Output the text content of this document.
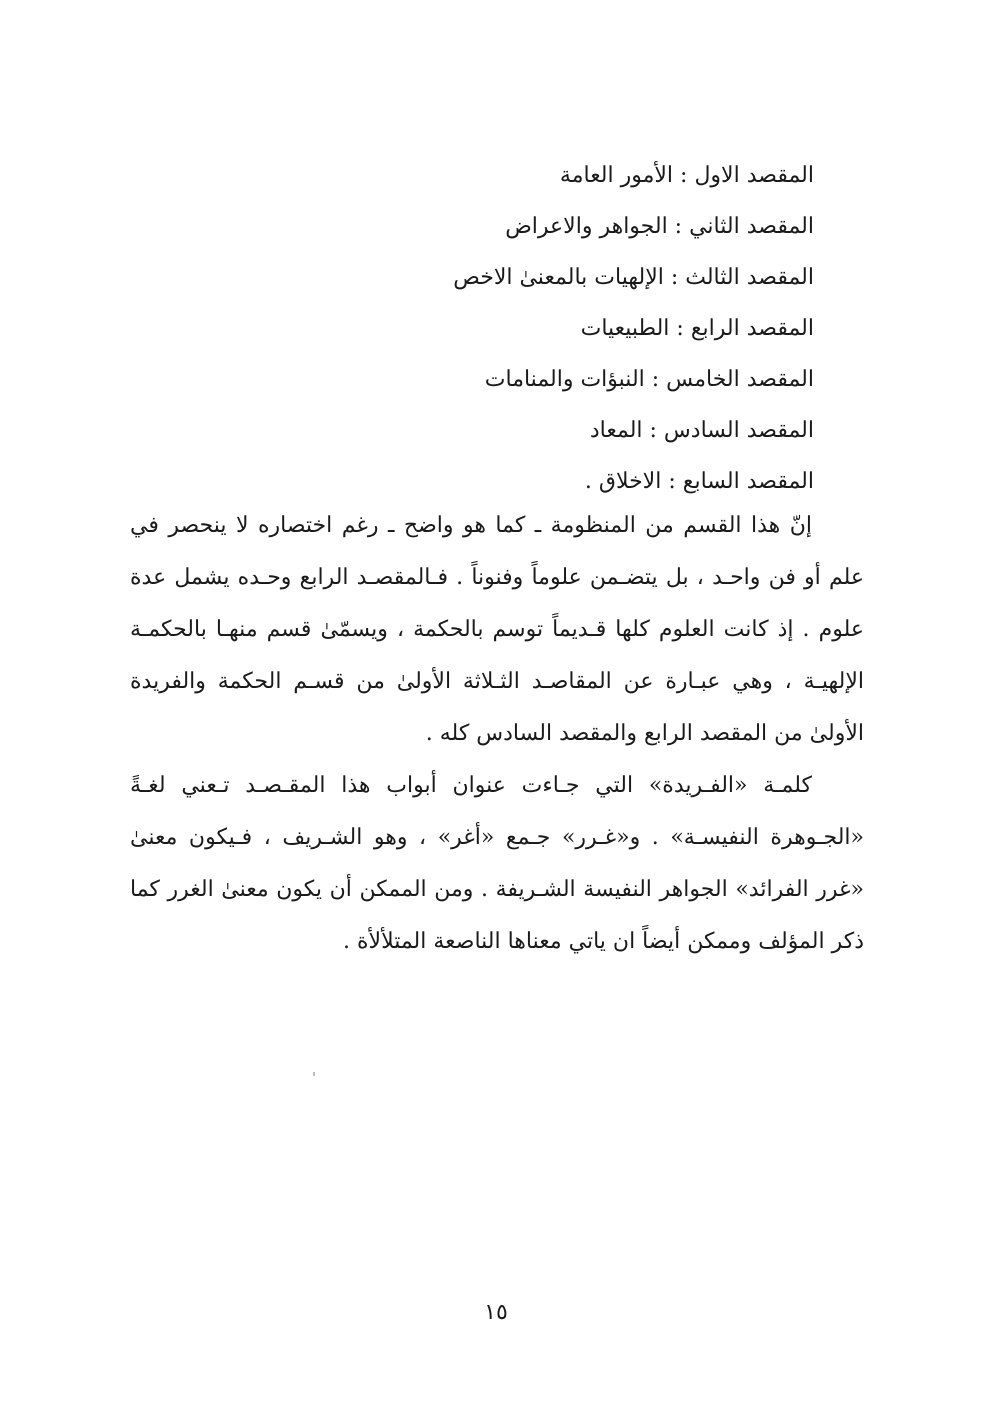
المقصد الاول : الأمور العامة
المقصد الثاني : الجواهر والاعراض
المقصد الثالث : الإلهيات بالمعنىٰ الاخص
المقصد الرابع : الطبيعيات
المقصد الخامس : النبؤات والمنامات
المقصد السادس : المعاد
المقصد السابع : الاخلاق .

إنّ هذا القسم من المنظومة ـ كما هو واضح ـ رغم اختصاره لا ينحصر في علم أو فن واحـد ، بل يتضـمن علوماً وفنوناً . فـالمقصـد الرابع وحـده يشمل عدة علوم . إذ كانت العلوم كلها قـديماً توسم بالحكمة ، ويسمّىٰ قسم منهـا بالحكمـة الإلهيـة ، وهي عبـارة عن المقاصـد الثـلاثة الأولىٰ من قسـم الحكمة والفريدة الأولىٰ من المقصد الرابع والمقصد السادس كله .

كلمـة «الفـريدة» التي جـاءت عنوان أبواب هذا المقـصـد تـعني لغـةً «الجـوهرة النفيسـة» . و«غـرر» جـمع «أغر» ، وهو الشـريف ، فـيكون معنىٰ «غرر الفرائد» الجواهر النفيسة الشـريفة . ومن الممكن أن يكون معنىٰ الغرر كما ذكر المؤلف وممكن أيضاً ان ياتي معناها الناصعة المتلألأة .

١٥
